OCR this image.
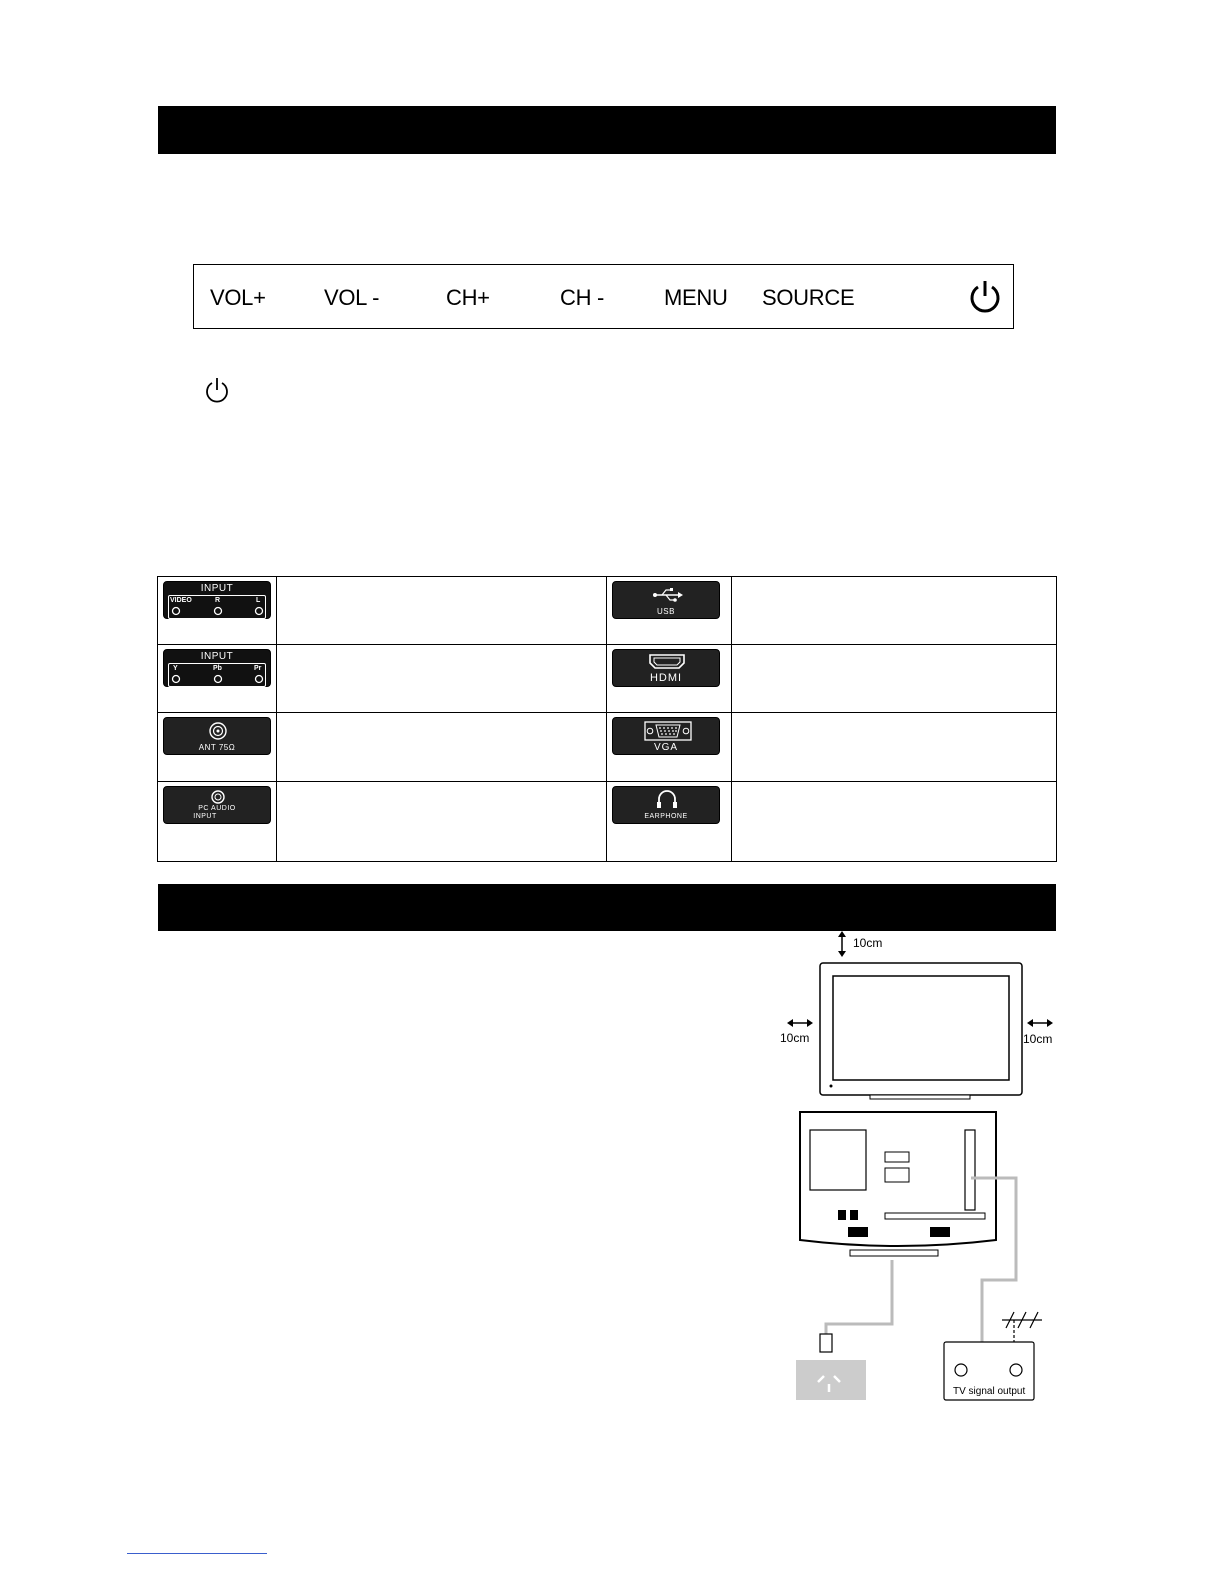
VOL+	VOL -	CH+	CH -	MENU SOURCE
INPUT
VIDEO R L		USB	

INPUT
Y Pb Pr		HDMI	

ANT 75Ω		VGA	

PC AUDIO
INPUT		EARPHONE	

10cm
10cm	10cm
TV signal output
